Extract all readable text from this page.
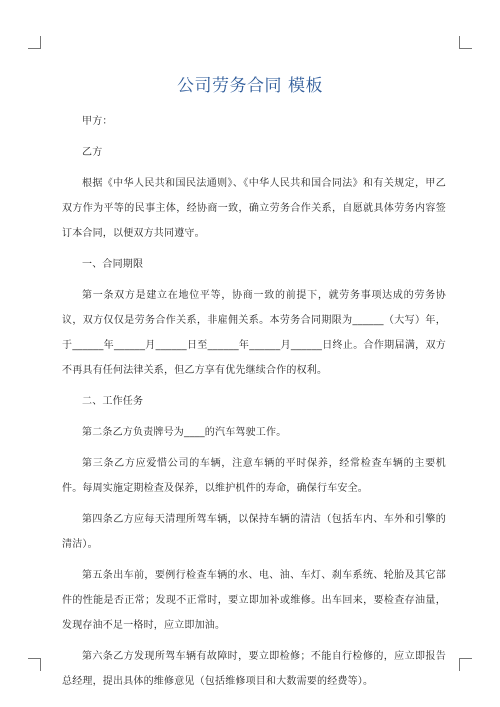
公司劳务合同 模板

甲方：

乙方

根据《中华人民共和国民法通则》、《中华人民共和国合同法》和有关规定，甲乙双方作为平等的民事主体，经协商一致，确立劳务合作关系，自愿就具体劳务内容签订本合同，以便双方共同遵守。

一、合同期限

第一条双方是建立在地位平等，协商一致的前提下，就劳务事项达成的劳务协议，双方仅仅是劳务合作关系，非雇佣关系。本劳务合同期限为______（大写）年，于______年______月______日至______年______月______日终止。合作期届满，双方不再具有任何法律关系，但乙方享有优先继续合作的权利。

二、工作任务

第二条乙方负责牌号为____的汽车驾驶工作。

第三条乙方应爱惜公司的车辆，注意车辆的平时保养，经常检查车辆的主要机件。每周实施定期检查及保养，以维护机件的寿命，确保行车安全。

第四条乙方应每天清理所驾车辆，以保持车辆的清洁（包括车内、车外和引擎的清洁）。

第五条出车前，要例行检查车辆的水、电、油、车灯、刹车系统、轮胎及其它部件的性能是否正常；发现不正常时，要立即加补或维修。出车回来，要检查存油量，发现存油不足一格时，应立即加油。

第六条乙方发现所驾车辆有故障时，要立即检修；不能自行检修的，应立即报告总经理，提出具体的维修意见（包括维修项目和大数需要的经费等）。
